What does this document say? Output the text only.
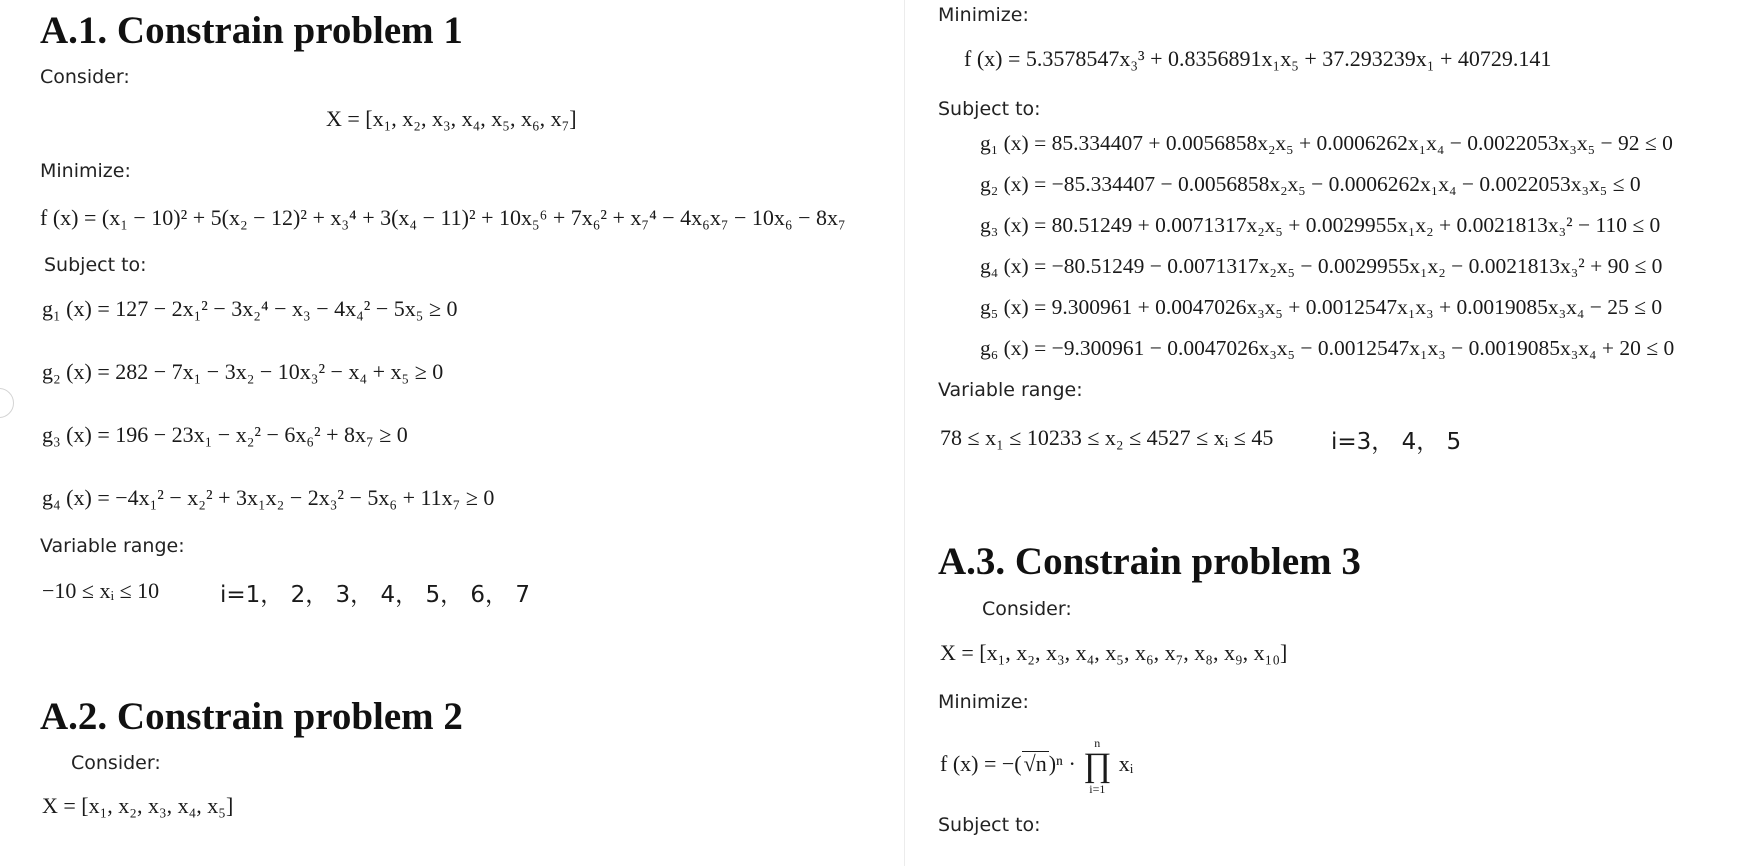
A.1. Constrain problem 1
Consider:
X = [x₁, x₂, x₃, x₄, x₅, x₆, x₇]
Minimize:
f (x) = (x₁ − 10)² + 5(x₂ − 12)² + x₃⁴ + 3(x₄ − 11)² + 10x₅⁶ + 7x₆² + x₇⁴ − 4x₆x₇ − 10x₆ − 8x₇
Subject to:
g₁ (x) = 127 − 2x₁² − 3x₂⁴ − x₃ − 4x₄² − 5x₅ ≥ 0
g₂ (x) = 282 − 7x₁ − 3x₂ − 10x₃² − x₄ + x₅ ≥ 0
g₃ (x) = 196 − 23x₁ − x₂² − 6x₆² + 8x₇ ≥ 0
g₄ (x) = −4x₁² − x₂² + 3x₁x₂ − 2x₃² − 5x₆ + 11x₇ ≥ 0
Variable range:
−10 ≤ xᵢ ≤ 10	i=1， 2， 3， 4， 5， 6， 7
A.2. Constrain problem 2
Consider:
X = [x₁, x₂, x₃, x₄, x₅]
Minimize:
f (x) = 5.3578547x₃³ + 0.8356891x₁x₅ + 37.293239x₁ + 40729.141
Subject to:
g₁ (x) = 85.334407 + 0.0056858x₂x₅ + 0.0006262x₁x₄ − 0.0022053x₃x₅ − 92 ≤ 0
g₂ (x) = −85.334407 − 0.0056858x₂x₅ − 0.0006262x₁x₄ − 0.0022053x₃x₅ ≤ 0
g₃ (x) = 80.51249 + 0.0071317x₂x₅ + 0.0029955x₁x₂ + 0.0021813x₃² − 110 ≤ 0
g₄ (x) = −80.51249 − 0.0071317x₂x₅ − 0.0029955x₁x₂ − 0.0021813x₃² + 90 ≤ 0
g₅ (x) = 9.300961 + 0.0047026x₃x₅ + 0.0012547x₁x₃ + 0.0019085x₃x₄ − 25 ≤ 0
g₆ (x) = −9.300961 − 0.0047026x₃x₅ − 0.0012547x₁x₃ − 0.0019085x₃x₄ + 20 ≤ 0
Variable range:
78 ≤ x₁ ≤ 10233 ≤ x₂ ≤ 4527 ≤ xᵢ ≤ 45	i=3， 4， 5
A.3. Constrain problem 3
Consider:
X = [x₁, x₂, x₃, x₄, x₅, x₆, x₇, x₈, x₉, x₁₀]
Minimize:
f (x) = −(√n)ⁿ ·
n
∏
i=1
xᵢ
Subject to:
